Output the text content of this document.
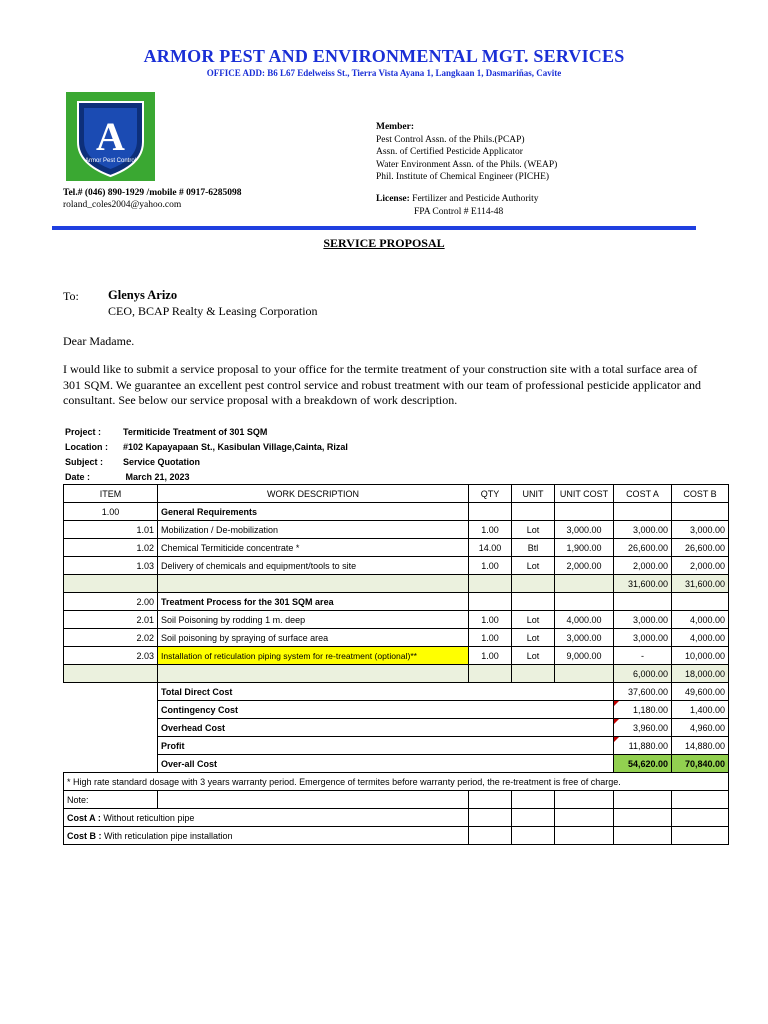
ARMOR PEST AND ENVIRONMENTAL MGT. SERVICES
OFFICE ADD: B6 L67 Edelweiss St., Tierra Vista Ayana 1, Langkaan 1, Dasmariñas, Cavite
A
Armor Pest Control
Member:
Pest Control Assn. of the Phils.(PCAP)
Assn. of Certified Pesticide Applicator
Water Environment Assn. of the Phils. (WEAP)
Phil. Institute of Chemical Engineer (PICHE)
License: Fertilizer and Pesticide Authority
FPA Control # E114-48
Tel.# (046) 890-1929 /mobile # 0917-6285098
roland_coles2004@yahoo.com
SERVICE PROPOSAL
To: Glenys Arizo
CEO, BCAP Realty & Leasing Corporation
Dear Madame.
I would like to submit a service proposal to your office for the termite treatment of your construction site with a total surface area of 301 SQM. We guarantee an excellent pest control service and robust treatment with our team of professional pesticide applicator and consultant. See below our service proposal with a breakdown of work description.
Project : Termiticide Treatment of 301 SQM
Location : #102 Kapayapaan St., Kasibulan Village,Cainta, Rizal
Subject : Service Quotation
Date :	March 21, 2023
ITEM	WORK DESCRIPTION	QTY	UNIT	UNIT COST	COST A	COST B
1.00	General Requirements					
1.01	Mobilization / De-mobilization	1.00	Lot	3,000.00	3,000.00	3,000.00
1.02	Chemical Termiticide concentrate *	14.00	Btl	1,900.00	26,600.00	26,600.00
1.03	Delivery of chemicals and equipment/tools to site	1.00	Lot	2,000.00	2,000.00	2,000.00
					31,600.00	31,600.00
2.00	Treatment Process for the 301 SQM area					
2.01	Soil Poisoning by rodding 1 m. deep	1.00	Lot	4,000.00	3,000.00	4,000.00
2.02	Soil poisoning by spraying of surface area	1.00	Lot	3,000.00	3,000.00	4,000.00
2.03	Installation of reticulation piping system for re-treatment (optional)**	1.00	Lot	9,000.00	-	10,000.00
					6,000.00	18,000.00
	Total Direct Cost				37,600.00	49,600.00
	Contingency Cost				1,180.00	1,400.00
	Overhead Cost				3,960.00	4,960.00
	Profit				11,880.00	14,880.00
	Over-all Cost				54,620.00	70,840.00
* High rate standard dosage with 3 years warranty period. Emergence of termites before warranty period, the re-treatment is free of charge.						
Note:						
Cost A : Without reticultion pipe						
Cost B : With reticulation pipe installation						
